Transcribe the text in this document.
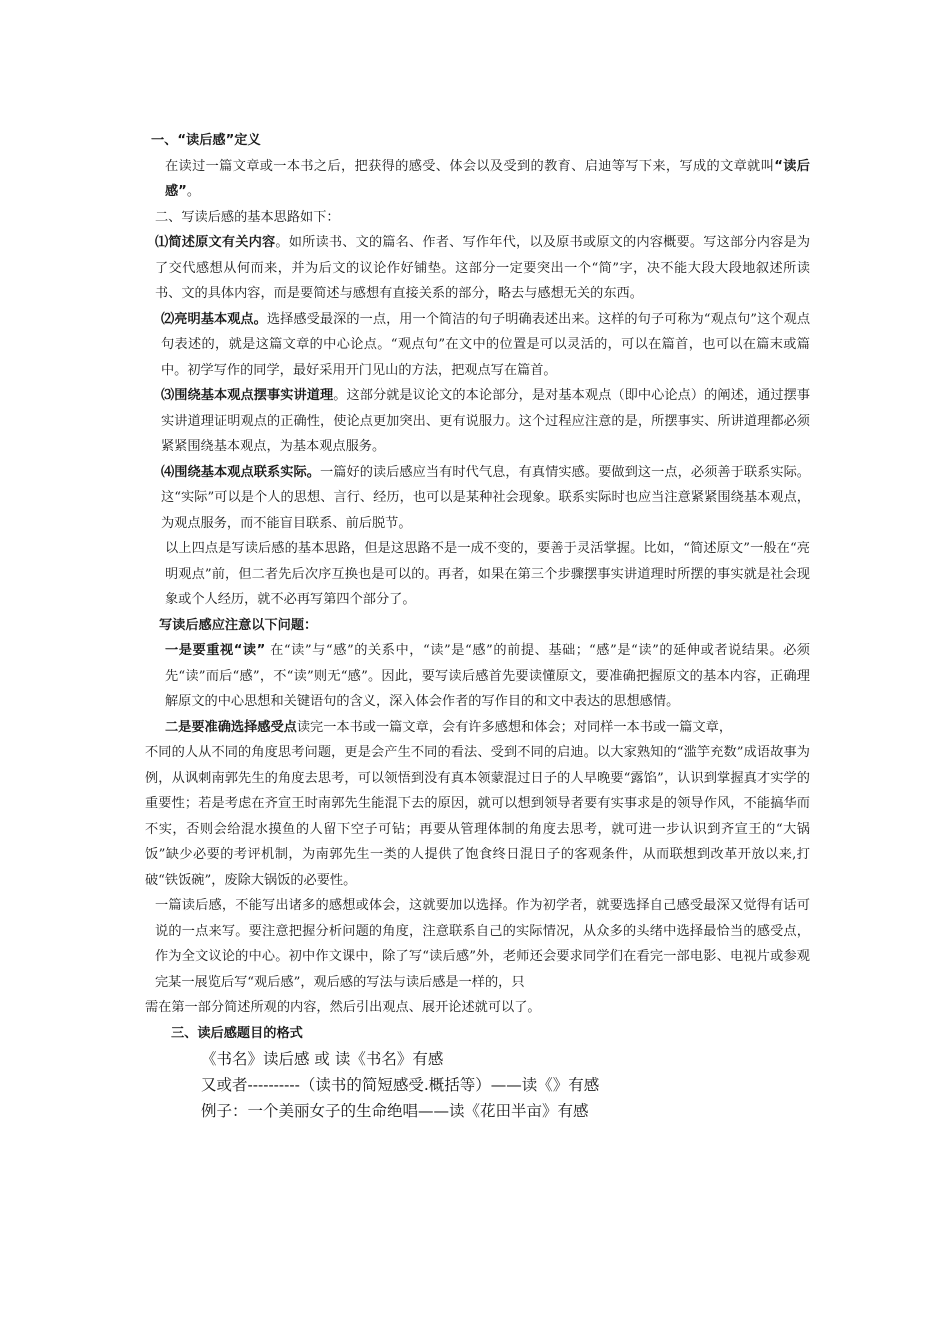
一、“读后感”定义

在读过一篇文章或一本书之后，把获得的感受、体会以及受到的教育、启迪等写下来，写成的文章就叫“读后感”。

二、写读后感的基本思路如下：

⑴简述原文有关内容。如所读书、文的篇名、作者、写作年代，以及原书或原文的内容概要。写这部分内容是为了交代感想从何而来，并为后文的议论作好铺垫。这部分一定要突出一个“简”字，决不能大段大段地叙述所读书、文的具体内容，而是要简述与感想有直接关系的部分，略去与感想无关的东西。

⑵亮明基本观点。选择感受最深的一点，用一个简洁的句子明确表述出来。这样的句子可称为“观点句”这个观点句表述的，就是这篇文章的中心论点。“观点句”在文中的位置是可以灵活的，可以在篇首，也可以在篇末或篇中。初学写作的同学，最好采用开门见山的方法，把观点写在篇首。

⑶围绕基本观点摆事实讲道理。这部分就是议论文的本论部分，是对基本观点（即中心论点）的阐述，通过摆事实讲道理证明观点的正确性，使论点更加突出、更有说服力。这个过程应注意的是，所摆事实、所讲道理都必须紧紧围绕基本观点，为基本观点服务。

⑷围绕基本观点联系实际。一篇好的读后感应当有时代气息，有真情实感。要做到这一点，必须善于联系实际。这“实际”可以是个人的思想、言行、经历，也可以是某种社会现象。联系实际时也应当注意紧紧围绕基本观点，为观点服务，而不能盲目联系、前后脱节。

以上四点是写读后感的基本思路，但是这思路不是一成不变的，要善于灵活掌握。比如，“简述原文”一般在“亮明观点”前，但二者先后次序互换也是可以的。再者，如果在第三个步骤摆事实讲道理时所摆的事实就是社会现象或个人经历，就不必再写第四个部分了。

写读后感应注意以下问题：

一是要重视“读” 在“读”与“感”的关系中，“读”是“感”的前提、基础；“感”是“读”的延伸或者说结果。必须先“读”而后“感”，不“读”则无“感”。因此，要写读后感首先要读懂原文，要准确把握原文的基本内容，正确理解原文的中心思想和关键语句的含义，深入体会作者的写作目的和文中表达的思想感情。

二是要准确选择感受点读完一本书或一篇文章，会有许多感想和体会；对同样一本书或一篇文章，

不同的人从不同的角度思考问题，更是会产生不同的看法、受到不同的启迪。以大家熟知的“滥竽充数”成语故事为例，从讽刺南郭先生的角度去思考，可以领悟到没有真本领蒙混过日子的人早晚要“露馅”，认识到掌握真才实学的重要性；若是考虑在齐宣王时南郭先生能混下去的原因，就可以想到领导者要有实事求是的领导作风，不能搞华而不实，否则会给混水摸鱼的人留下空子可钻；再要从管理体制的角度去思考，就可进一步认识到齐宣王的“大锅饭”缺少必要的考评机制，为南郭先生一类的人提供了饱食终日混日子的客观条件，从而联想到改革开放以来,打破“铁饭碗”，废除大锅饭的必要性。

一篇读后感，不能写出诸多的感想或体会，这就要加以选择。作为初学者，就要选择自己感受最深又觉得有话可说的一点来写。要注意把握分析问题的角度，注意联系自己的实际情况，从众多的头绪中选择最恰当的感受点，作为全文议论的中心。初中作文课中，除了写“读后感”外，老师还会要求同学们在看完一部电影、电视片或参观完某一展览后写“观后感”，观后感的写法与读后感是一样的，只

需在第一部分简述所观的内容，然后引出观点、展开论述就可以了。

三、读后感题目的格式

《书名》读后感 或 读《书名》有感

又或者----------（读书的简短感受.概括等）——读《》有感

例子：一个美丽女子的生命绝唱——读《花田半亩》有感
